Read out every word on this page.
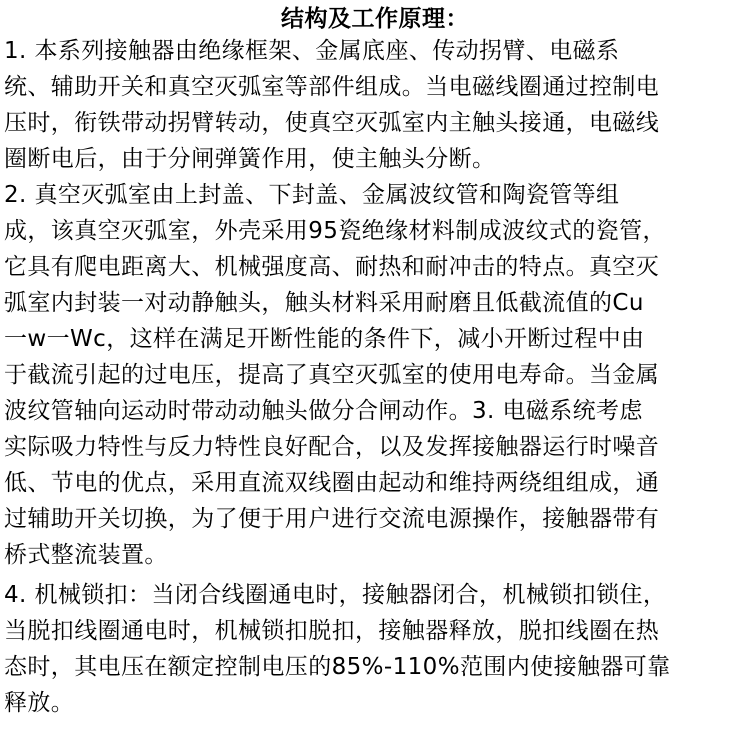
结构及工作原理：
1. 本系列接触器由绝缘框架、金属底座、传动拐臂、电磁系
统、辅助开关和真空灭弧室等部件组成。当电磁线圈通过控制电
压时，衔铁带动拐臂转动，使真空灭弧室内主触头接通，电磁线
圈断电后，由于分闸弹簧作用，使主触头分断。
2. 真空灭弧室由上封盖、下封盖、金属波纹管和陶瓷管等组
成，该真空灭弧室，外壳采用95瓷绝缘材料制成波纹式的瓷管，
它具有爬电距离大、机械强度高、耐热和耐冲击的特点。真空灭
弧室内封装一对动静触头，触头材料采用耐磨且低截流值的Cu
一w一Wc，这样在满足开断性能的条件下，减小开断过程中由
于截流引起的过电压，提高了真空灭弧室的使用电寿命。当金属
波纹管轴向运动时带动动触头做分合闸动作。3. 电磁系统考虑
实际吸力特性与反力特性良好配合，以及发挥接触器运行时噪音
低、节电的优点，采用直流双线圈由起动和维持两绕组组成，通
过辅助开关切换，为了便于用户进行交流电源操作，接触器带有
桥式整流装置。
4. 机械锁扣：当闭合线圈通电时，接触器闭合，机械锁扣锁住，
当脱扣线圈通电时，机械锁扣脱扣，接触器释放，脱扣线圈在热
态时，其电压在额定控制电压的85%-110%范围内使接触器可靠
释放。
